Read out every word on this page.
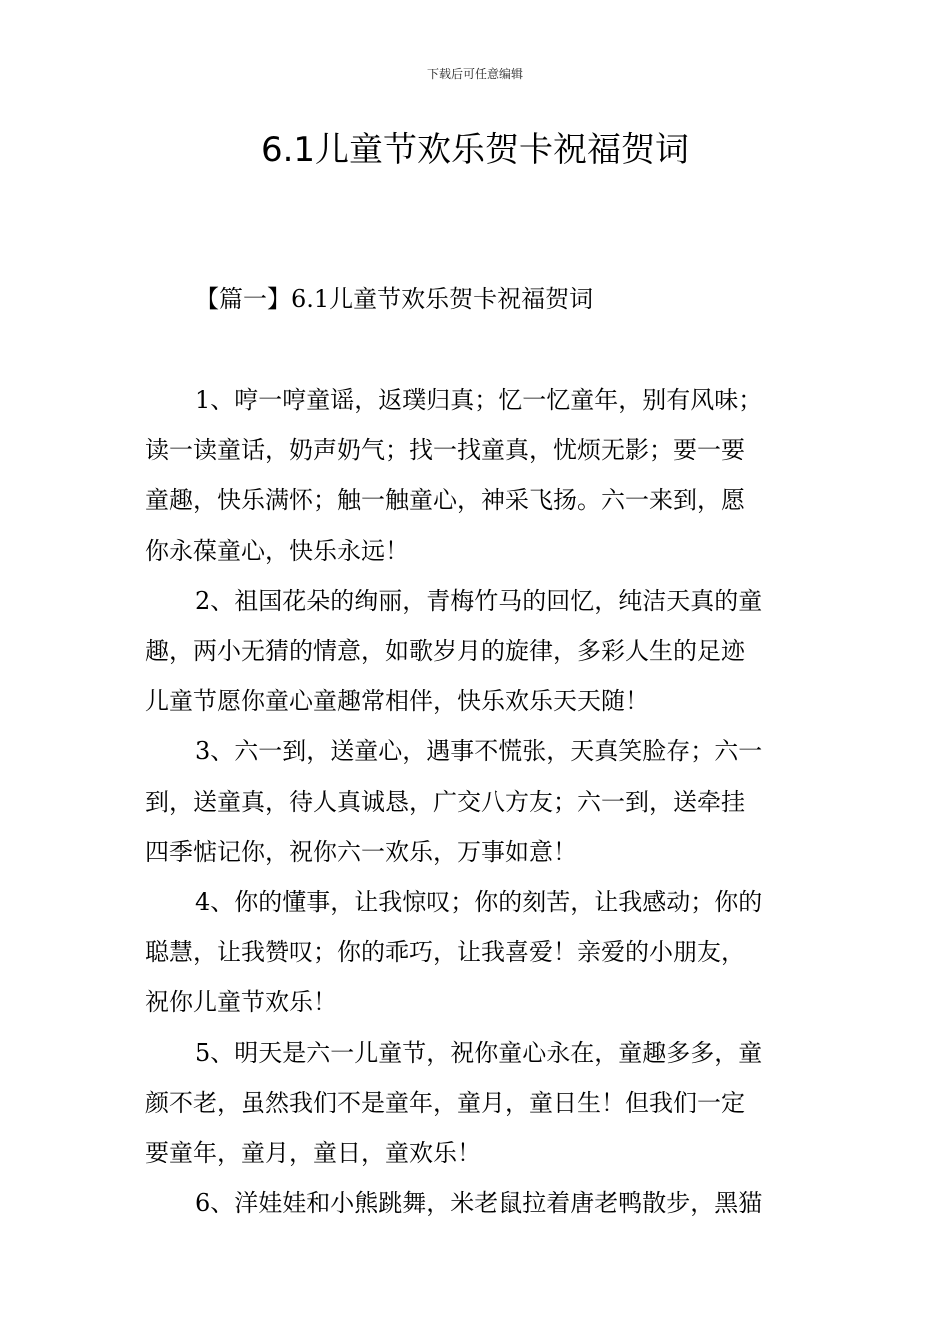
下载后可任意编辑
6.1儿童节欢乐贺卡祝福贺词
【篇一】6.1儿童节欢乐贺卡祝福贺词

1、哼一哼童谣，返璞归真；忆一忆童年，别有风味；
读一读童话，奶声奶气；找一找童真，忧烦无影；要一要
童趣，快乐满怀；触一触童心，神采飞扬。六一来到，愿
你永葆童心，快乐永远！

2、祖国花朵的绚丽，青梅竹马的回忆，纯洁天真的童
趣，两小无猜的情意，如歌岁月的旋律，多彩人生的足迹
儿童节愿你童心童趣常相伴，快乐欢乐天天随！

3、六一到，送童心，遇事不慌张，天真笑脸存；六一
到，送童真，待人真诚恳，广交八方友；六一到，送牵挂
四季惦记你，祝你六一欢乐，万事如意！

4、你的懂事，让我惊叹；你的刻苦，让我感动；你的
聪慧，让我赞叹；你的乖巧，让我喜爱！亲爱的小朋友，
祝你儿童节欢乐！

5、明天是六一儿童节，祝你童心永在，童趣多多，童
颜不老，虽然我们不是童年，童月，童日生！但我们一定
要童年，童月，童日，童欢乐！

6、洋娃娃和小熊跳舞，米老鼠拉着唐老鸭散步，黑猫
